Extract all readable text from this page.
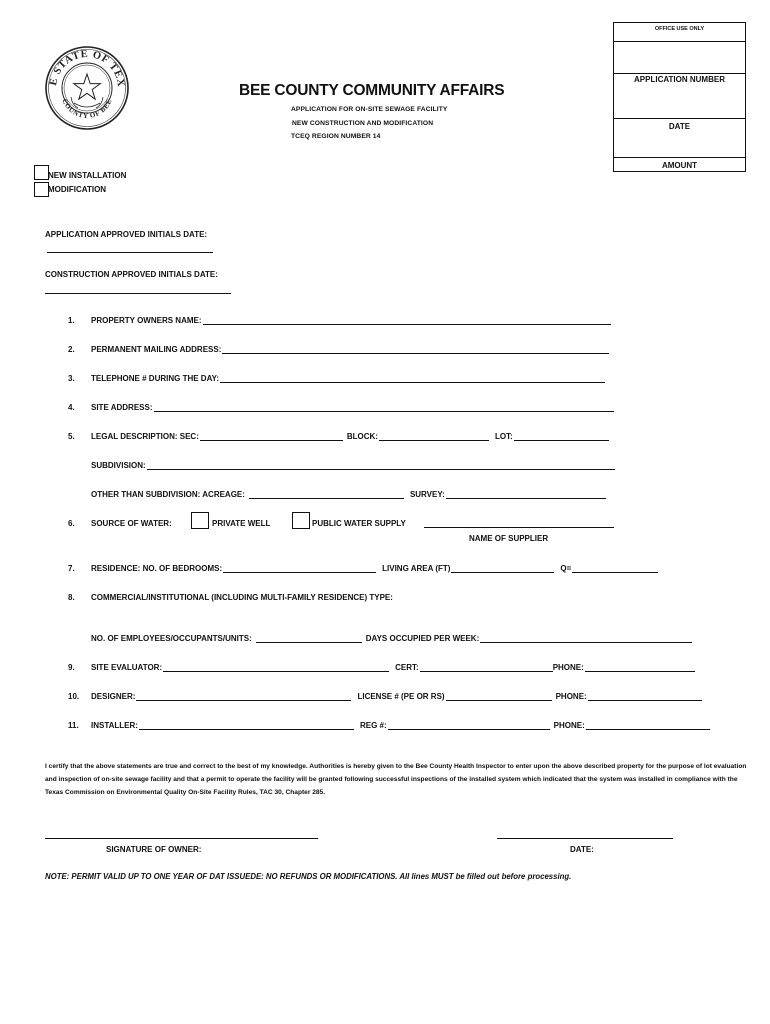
E STATE OF TEX
COUNTY OF BEE
BEE COUNTY COMMUNITY AFFAIRS
APPLICATION FOR ON-SITE SEWAGE FACILITY
NEW CONSTRUCTION AND MODIFICATION
TCEQ REGION NUMBER 14
OFFICE USE ONLY
APPLICATION NUMBER
DATE
AMOUNT
NEW INSTALLATION
MODIFICATION
APPLICATION APPROVED INITIALS DATE:
CONSTRUCTION APPROVED INITIALS DATE:
1. PROPERTY OWNERS NAME:
2. PERMANENT MAILING ADDRESS:
3. TELEPHONE # DURING THE DAY:
4. SITE ADDRESS:
5. LEGAL DESCRIPTION: SEC:	BLOCK:	LOT:
SUBDIVISION:
OTHER THAN SUBDIVISION: ACREAGE:	SURVEY:
6. SOURCE OF WATER:	PRIVATE WELL	PUBLIC WATER SUPPLY
NAME OF SUPPLIER
7. RESIDENCE: NO. OF BEDROOMS:	LIVING AREA (FT)	Q=
8. COMMERCIAL/INSTITUTIONAL (INCLUDING MULTI-FAMILY RESIDENCE) TYPE:
NO. OF EMPLOYEES/OCCUPANTS/UNITS:	DAYS OCCUPIED PER WEEK:
9. SITE EVALUATOR:	CERT:	PHONE:
10. DESIGNER:	LICENSE # (PE OR RS)	PHONE:
11. INSTALLER:	REG #:	PHONE:
I certify that the above statements are true and correct to the best of my knowledge. Authorities is hereby given to the Bee County Health Inspector to enter upon the above described property for the purpose of lot evaluation and inspection of on-site sewage facility and that a permit to operate the facility will be granted following successful inspections of the installed system which indicated that the system was installed in compliance with the Texas Commission on Environmental Quality On-Site Facility Rules, TAC 30, Chapter 285.
SIGNATURE OF OWNER:	DATE:
NOTE: PERMIT VALID UP TO ONE YEAR OF DAT ISSUEDE: NO REFUNDS OR MODIFICATIONS. All lines MUST be filled out before processing.
